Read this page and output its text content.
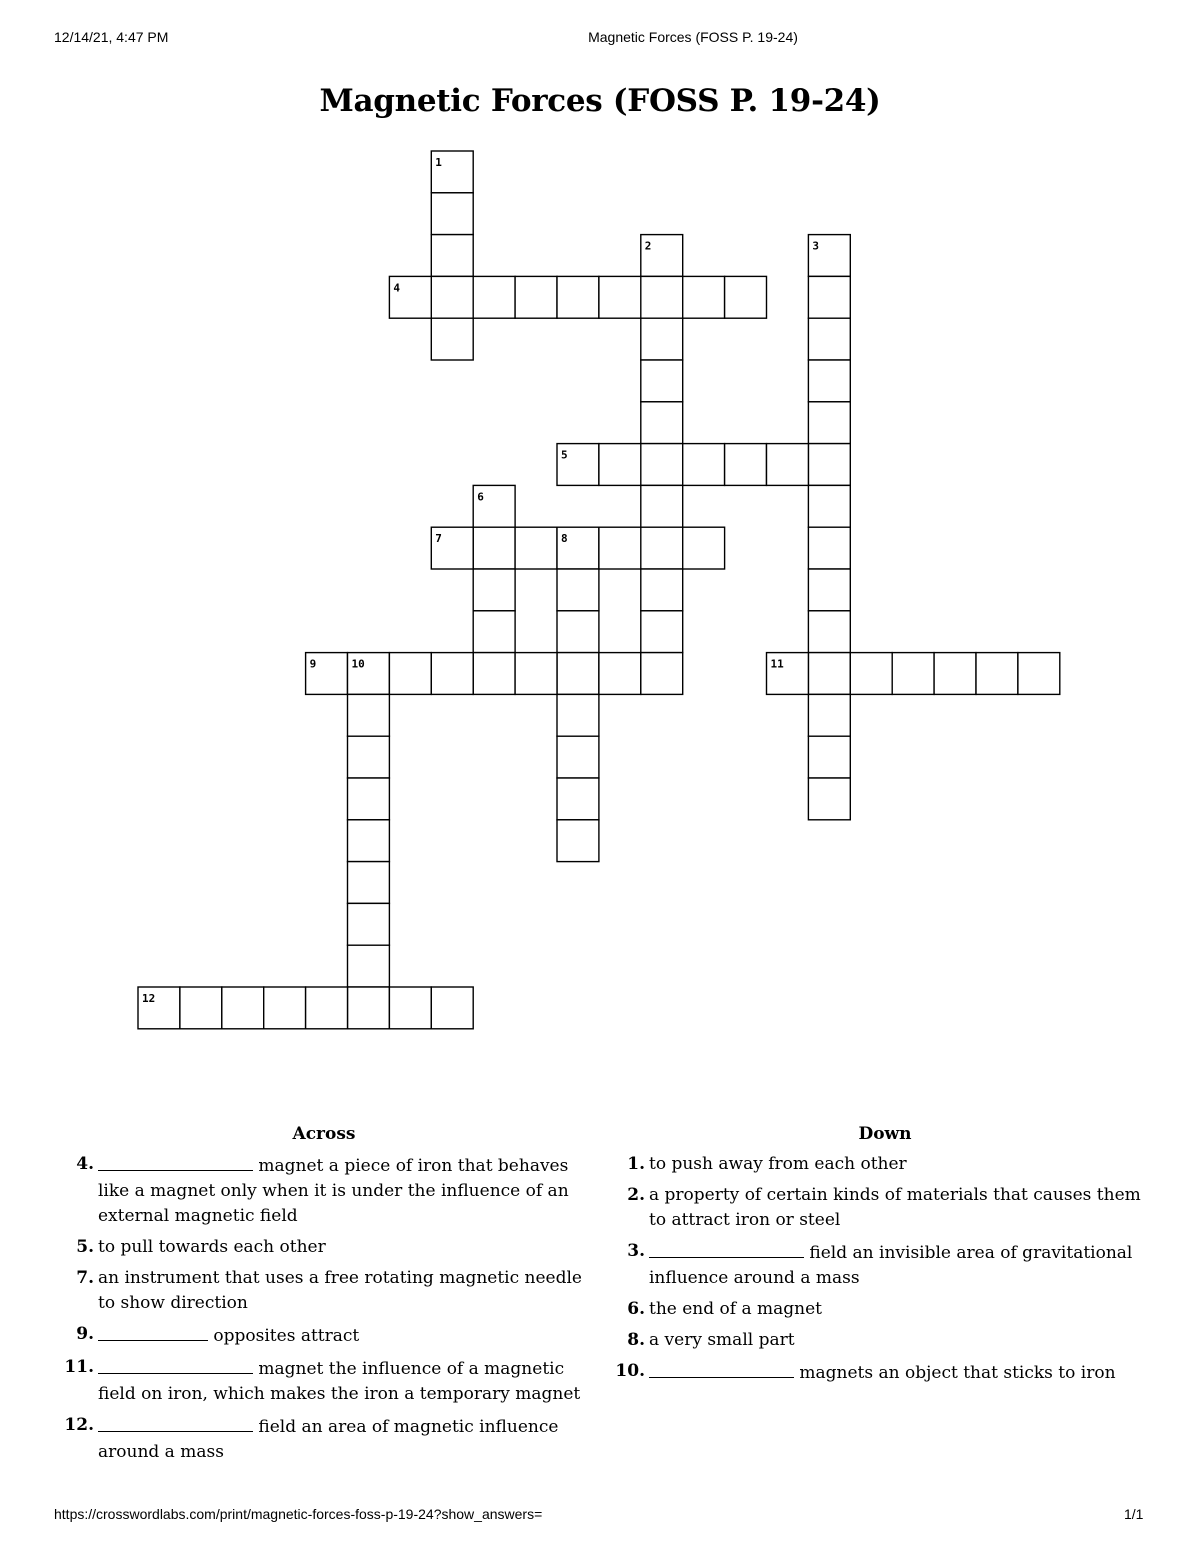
12/14/21, 4:47 PM	Magnetic Forces (FOSS P. 19-24)
Magnetic Forces (FOSS P. 19-24)
1
2	3
4
5
6
7	8
9	10	11
12
Across
4.	magnet a piece of iron that behaves like a magnet only when it is under the influence of an external magnetic field
5. to pull towards each other
7. an instrument that uses a free rotating magnetic needle to show direction
9.	opposites attract
11.	magnet the influence of a magnetic field on iron, which makes the iron a temporary magnet
12.	field an area of magnetic influence around a mass
Down
1. to push away from each other
2. a property of certain kinds of materials that causes them to attract iron or steel
3.	field an invisible area of gravitational influence around a mass
6. the end of a magnet
8. a very small part
10.	magnets an object that sticks to iron
https://crosswordlabs.com/print/magnetic-forces-foss-p-19-24?show_answers=	1/1
